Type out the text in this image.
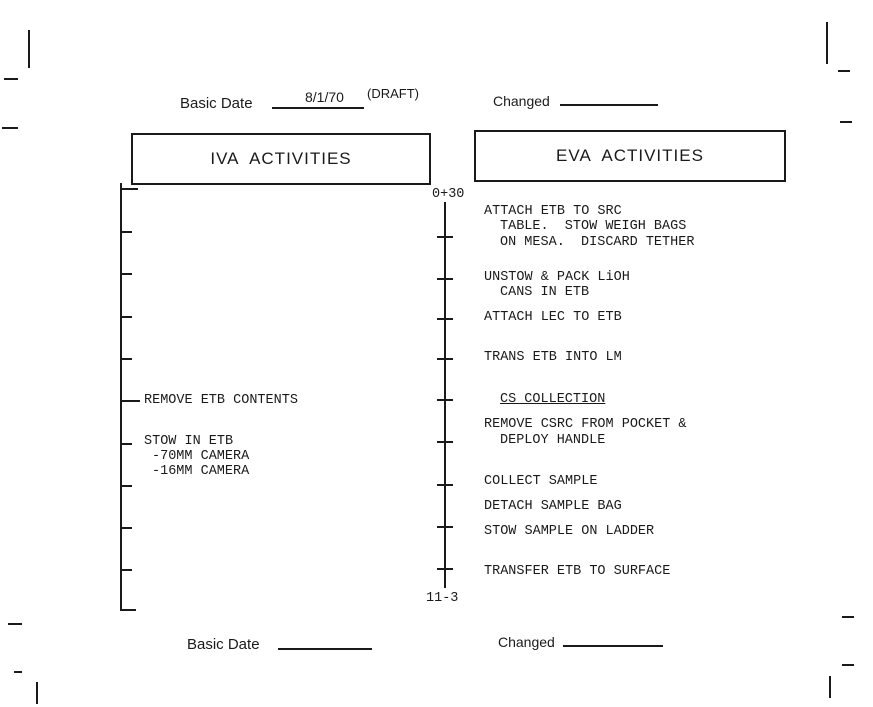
Basic Date	8/1/70 (DRAFT)	Changed
IVA  ACTIVITIES	EVA  ACTIVITIES
REMOVE ETB CONTENTS
STOW IN ETB
-70MM CAMERA
-16MM CAMERA
0+30
11-3
ATTACH ETB TO SRC
TABLE.  STOW WEIGH BAGS
ON MESA.  DISCARD TETHER
UNSTOW & PACK LiOH
CANS IN ETB
ATTACH LEC TO ETB
TRANS ETB INTO LM
CS COLLECTION
REMOVE CSRC FROM POCKET &
DEPLOY HANDLE
COLLECT SAMPLE
DETACH SAMPLE BAG
STOW SAMPLE ON LADDER
TRANSFER ETB TO SURFACE
Basic Date	Changed
